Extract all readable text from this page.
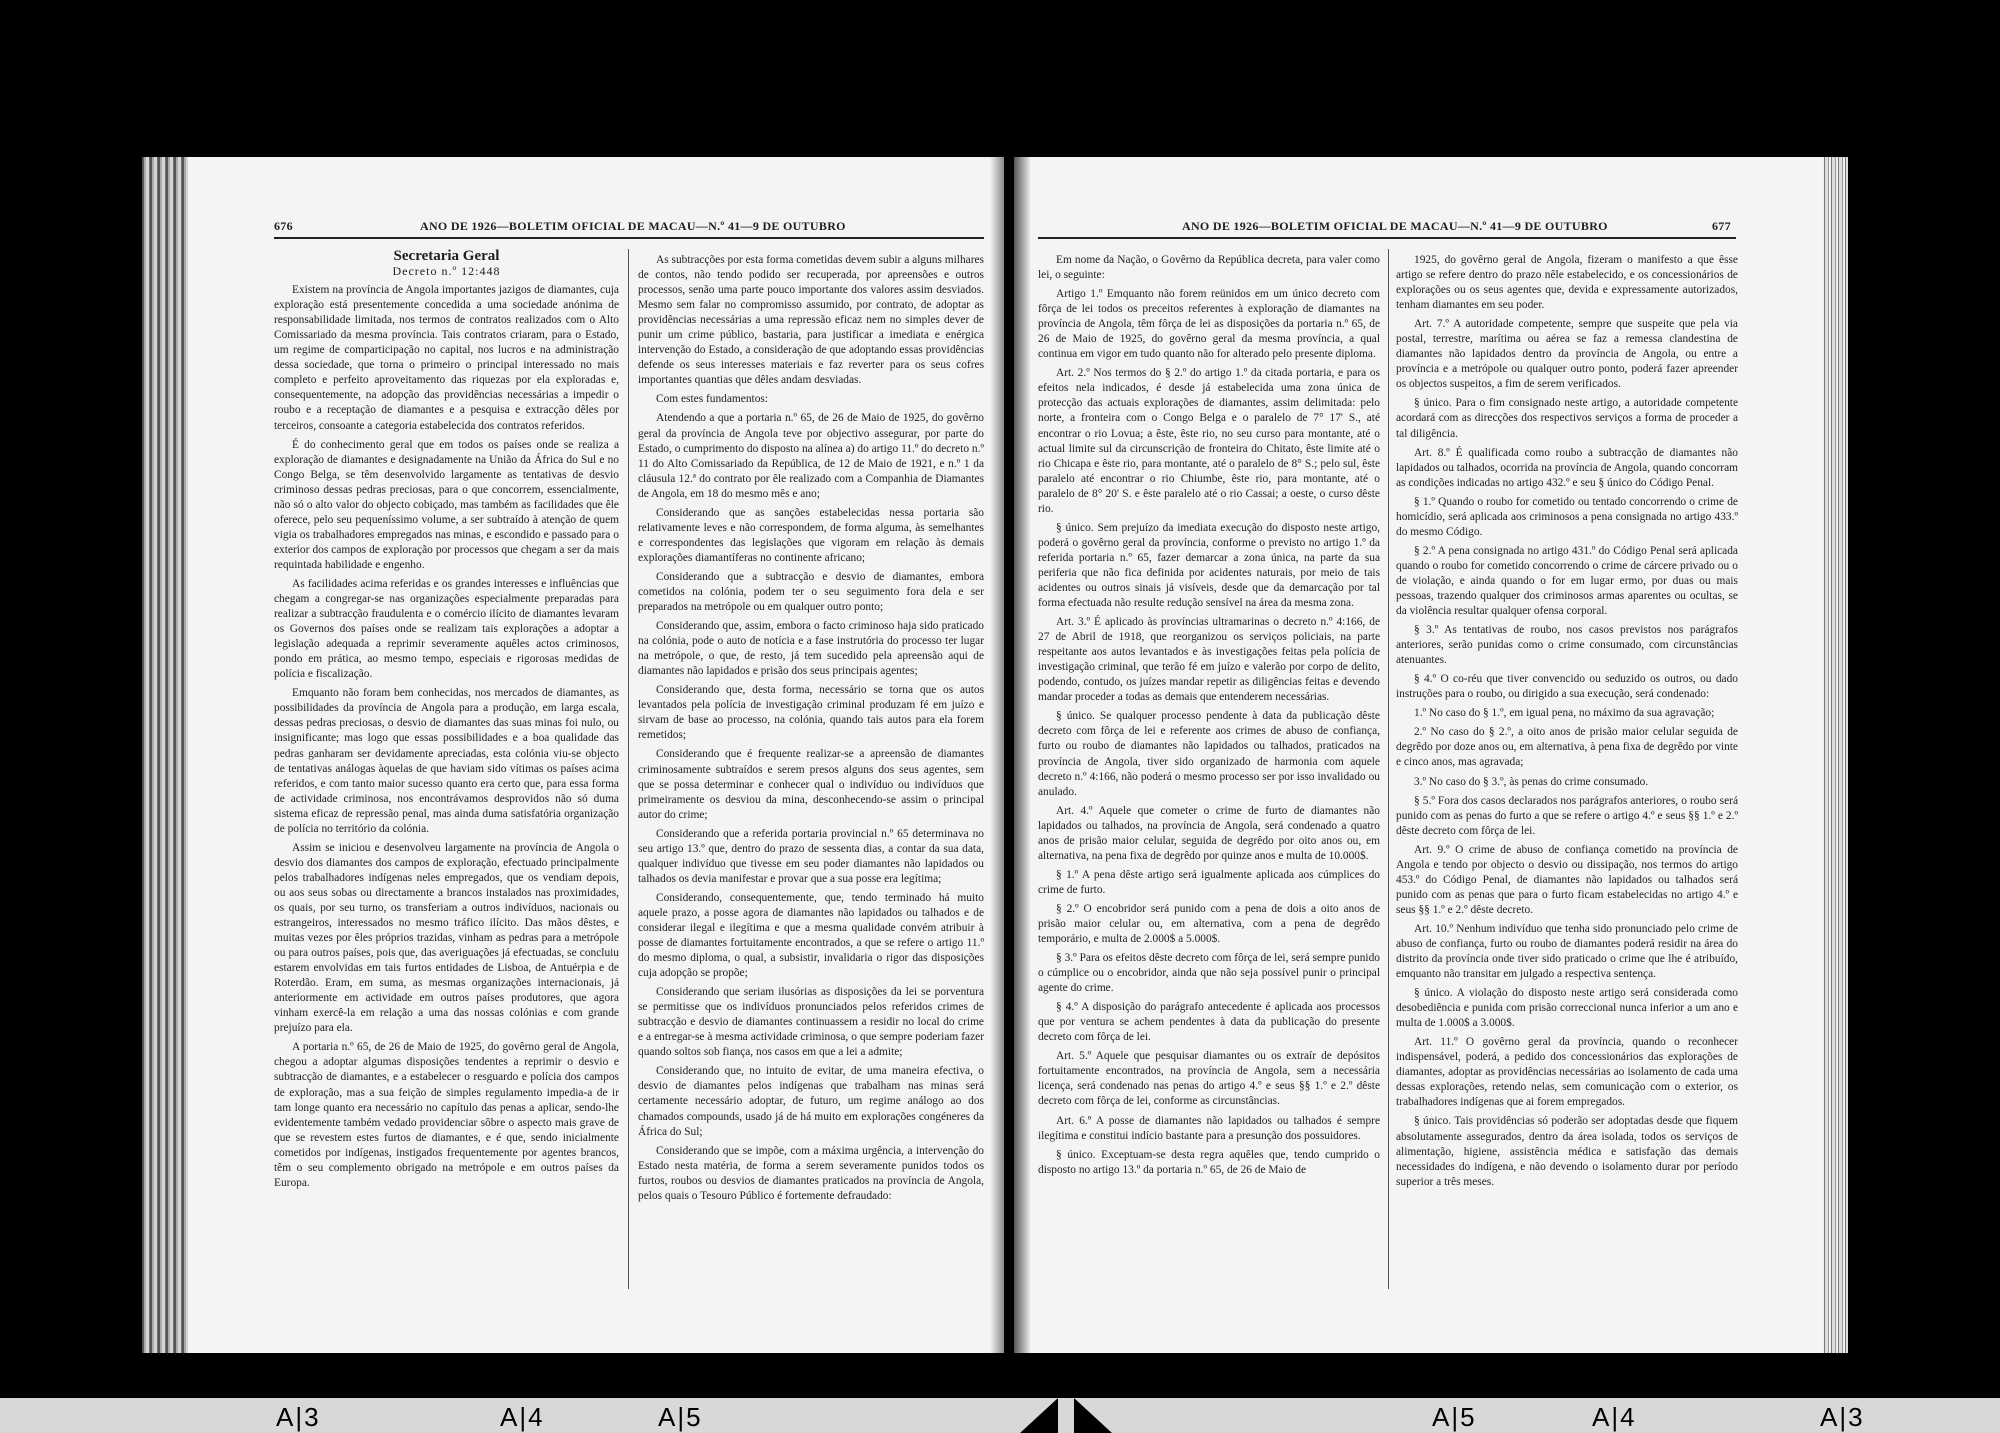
676	ANO DE 1926—BOLETIM OFICIAL DE MACAU—N.º 41—9 DE OUTUBRO

Secretaria Geral

Decreto n.º 12:448

Existem na província de Angola importantes jazigos de diamantes, cuja exploração está presentemente concedida a uma sociedade anónima de responsabilidade limitada, nos termos de contratos realizados com o Alto Comissariado da mesma província. Tais contratos criaram, para o Estado, um regime de comparticipação no capital, nos lucros e na administração dessa sociedade, que torna o primeiro o principal interessado no mais completo e perfeito aproveitamento das riquezas por ela exploradas e, consequentemente, na adopção das providências necessárias a impedir o roubo e a receptação de diamantes e a pesquisa e extracção dêles por terceiros, consoante a categoria estabelecida dos contratos referidos.

É do conhecimento geral que em todos os países onde se realiza a exploração de diamantes e designadamente na União da África do Sul e no Congo Belga, se têm desenvolvido largamente as tentativas de desvio criminoso dessas pedras preciosas, para o que concorrem, essencialmente, não só o alto valor do objecto cobiçado, mas também as facilidades que êle oferece, pelo seu pequeníssimo volume, a ser subtraído à atenção de quem vigia os trabalhadores empregados nas minas, e escondido e passado para o exterior dos campos de exploração por processos que chegam a ser da mais requintada habilidade e engenho.

As facilidades acima referidas e os grandes interesses e influências que chegam a congregar-se nas organizações especialmente preparadas para realizar a subtracção fraudulenta e o comércio ilícito de diamantes levaram os Governos dos países onde se realizam tais explorações a adoptar a legislação adequada a reprimir severamente aquêles actos criminosos, pondo em prática, ao mesmo tempo, especiais e rigorosas medidas de polícia e fiscalização.

Emquanto não foram bem conhecidas, nos mercados de diamantes, as possibilidades da província de Angola para a produção, em larga escala, dessas pedras preciosas, o desvio de diamantes das suas minas foi nulo, ou insignificante; mas logo que essas possibilidades e a boa qualidade das pedras ganharam ser devidamente apreciadas, esta colónia viu-se objecto de tentativas análogas àquelas de que haviam sido vítimas os países acima referidos, e com tanto maior sucesso quanto era certo que, para essa forma de actividade criminosa, nos encontrávamos desprovidos não só duma sistema eficaz de repressão penal, mas ainda duma satisfatória organização de polícia no território da colónia.

Assim se iniciou e desenvolveu largamente na província de Angola o desvio dos diamantes dos campos de exploração, efectuado principalmente pelos trabalhadores indígenas neles empregados, que os vendiam depois, ou aos seus sobas ou directamente a brancos instalados nas proximidades, os quais, por seu turno, os transferiam a outros indivíduos, nacionais ou estrangeiros, interessados no mesmo tráfico ilícito. Das mãos dêstes, e muitas vezes por êles próprios trazidas, vinham as pedras para a metrópole ou para outros países, pois que, das averiguações já efectuadas, se concluiu estarem envolvidas em tais furtos entidades de Lisboa, de Antuérpia e de Roterdão. Eram, em suma, as mesmas organizações internacionais, já anteriormente em actividade em outros países produtores, que agora vinham exercê-la em relação a uma das nossas colónias e com grande prejuízo para ela.

A portaria n.º 65, de 26 de Maio de 1925, do govêrno geral de Angola, chegou a adoptar algumas disposições tendentes a reprimir o desvio e subtracção de diamantes, e a estabelecer o resguardo e polícia dos campos de exploração, mas a sua feição de simples regulamento impedia-a de ir tam longe quanto era necessário no capítulo das penas a aplicar, sendo-lhe evidentemente também vedado providenciar sôbre o aspecto mais grave de que se revestem estes furtos de diamantes, e é que, sendo inicialmente cometidos por indígenas, instigados frequentemente por agentes brancos, têm o seu complemento obrigado na metrópole e em outros países da Europa.

As subtracções por esta forma cometidas devem subir a alguns milhares de contos, não tendo podido ser recuperada, por apreensões e outros processos, senão uma parte pouco importante dos valores assim desviados. Mesmo sem falar no compromisso assumido, por contrato, de adoptar as providências necessárias a uma repressão eficaz nem no simples dever de punir um crime público, bastaria, para justificar a imediata e enérgica intervenção do Estado, a consideração de que adoptando essas providências defende os seus interesses materiais e faz reverter para os seus cofres importantes quantias que dêles andam desviadas.

Com estes fundamentos:

Atendendo a que a portaria n.º 65, de 26 de Maio de 1925, do govêrno geral da província de Angola teve por objectivo assegurar, por parte do Estado, o cumprimento do disposto na alínea a) do artigo 11.º do decreto n.º 11 do Alto Comissariado da República, de 12 de Maio de 1921, e n.º 1 da cláusula 12.ª do contrato por êle realizado com a Companhia de Diamantes de Angola, em 18 do mesmo mês e ano;

Considerando que as sanções estabelecidas nessa portaria são relativamente leves e não correspondem, de forma alguma, às semelhantes e correspondentes das legislações que vigoram em relação às demais explorações diamantíferas no continente africano;

Considerando que a subtracção e desvio de diamantes, embora cometidos na colónia, podem ter o seu seguimento fora dela e ser preparados na metrópole ou em qualquer outro ponto;

Considerando que, assim, embora o facto criminoso haja sido praticado na colónia, pode o auto de notícia e a fase instrutória do processo ter lugar na metrópole, o que, de resto, já tem sucedido pela apreensão aqui de diamantes não lapidados e prisão dos seus principais agentes;

Considerando que, desta forma, necessário se torna que os autos levantados pela polícia de investigação criminal produzam fé em juízo e sirvam de base ao processo, na colónia, quando tais autos para ela forem remetidos;

Considerando que é frequente realizar-se a apreensão de diamantes criminosamente subtraídos e serem presos alguns dos seus agentes, sem que se possa determinar e conhecer qual o indivíduo ou indivíduos que primeiramente os desviou da mina, desconhecendo-se assim o principal autor do crime;

Considerando que a referida portaria provincial n.º 65 determinava no seu artigo 13.º que, dentro do prazo de sessenta dias, a contar da sua data, qualquer indivíduo que tivesse em seu poder diamantes não lapidados ou talhados os devia manifestar e provar que a sua posse era legítima;

Considerando, consequentemente, que, tendo terminado há muito aquele prazo, a posse agora de diamantes não lapidados ou talhados e de considerar ilegal e ilegítima e que a mesma qualidade convém atribuir à posse de diamantes fortuitamente encontrados, a que se refere o artigo 11.º do mesmo diploma, o qual, a subsistir, invalidaria o rigor das disposições cuja adopção se propõe;

Considerando que seriam ilusórias as disposições da lei se porventura se permitisse que os indivíduos pronunciados pelos referidos crimes de subtracção e desvio de diamantes continuassem a residir no local do crime e a entregar-se à mesma actividade criminosa, o que sempre poderiam fazer quando soltos sob fiança, nos casos em que a lei a admite;

Considerando que, no intuito de evitar, de uma maneira efectiva, o desvio de diamantes pelos indígenas que trabalham nas minas será certamente necessário adoptar, de futuro, um regime análogo ao dos chamados compounds, usado já de há muito em explorações congéneres da África do Sul;

Considerando que se impõe, com a máxima urgência, a intervenção do Estado nesta matéria, de forma a serem severamente punidos todos os furtos, roubos ou desvios de diamantes praticados na província de Angola, pelos quais o Tesouro Público é fortemente defraudado:

ANO DE 1926—BOLETIM OFICIAL DE MACAU—N.º 41—9 DE OUTUBRO	677

Em nome da Nação, o Govêrno da República decreta, para valer como lei, o seguinte:

Artigo 1.º Emquanto não forem reünidos em um único decreto com fôrça de lei todos os preceitos referentes à exploração de diamantes na província de Angola, têm fôrça de lei as disposições da portaria n.º 65, de 26 de Maio de 1925, do govêrno geral da mesma província, a qual continua em vigor em tudo quanto não for alterado pelo presente diploma.

Art. 2.º Nos termos do § 2.º do artigo 1.º da citada portaria, e para os efeitos nela indicados, é desde já estabelecida uma zona única de protecção das actuais explorações de diamantes, assim delimitada: pelo norte, a fronteira com o Congo Belga e o paralelo de 7° 17' S., até encontrar o rio Lovua; a êste, êste rio, no seu curso para montante, até o actual limite sul da circunscrição de fronteira do Chitato, êste limite até o rio Chicapa e êste rio, para montante, até o paralelo de 8° S.; pelo sul, êste paralelo até encontrar o rio Chiumbe, êste rio, para montante, até o paralelo de 8° 20' S. e êste paralelo até o rio Cassai; a oeste, o curso dêste rio.

§ único. Sem prejuízo da imediata execução do disposto neste artigo, poderá o govêrno geral da província, conforme o previsto no artigo 1.º da referida portaria n.º 65, fazer demarcar a zona única, na parte da sua periferia que não fica definida por acidentes naturais, por meio de tais acidentes ou outros sinais já visíveis, desde que da demarcação por tal forma efectuada não resulte redução sensível na área da mesma zona.

Art. 3.º É aplicado às províncias ultramarinas o decreto n.º 4:166, de 27 de Abril de 1918, que reorganizou os serviços policiais, na parte respeitante aos autos levantados e às investigações feitas pela polícia de investigação criminal, que terão fé em juízo e valerão por corpo de delito, podendo, contudo, os juízes mandar repetir as diligências feitas e devendo mandar proceder a todas as demais que entenderem necessárias.

§ único. Se qualquer processo pendente à data da publicação dêste decreto com fôrça de lei e referente aos crimes de abuso de confiança, furto ou roubo de diamantes não lapidados ou talhados, praticados na província de Angola, tiver sido organizado de harmonia com aquele decreto n.º 4:166, não poderá o mesmo processo ser por isso invalidado ou anulado.

Art. 4.º Aquele que cometer o crime de furto de diamantes não lapidados ou talhados, na província de Angola, será condenado a quatro anos de prisão maior celular, seguida de degrêdo por oito anos ou, em alternativa, na pena fixa de degrêdo por quinze anos e multa de 10.000$.

§ 1.º A pena dêste artigo será igualmente aplicada aos cúmplices do crime de furto.

§ 2.º O encobridor será punido com a pena de dois a oito anos de prisão maior celular ou, em alternativa, com a pena de degrêdo temporário, e multa de 2.000$ a 5.000$.

§ 3.º Para os efeitos dêste decreto com fôrça de lei, será sempre punido o cúmplice ou o encobridor, ainda que não seja possível punir o principal agente do crime.

§ 4.º A disposição do parágrafo antecedente é aplicada aos processos que por ventura se achem pendentes à data da publicação do presente decreto com fôrça de lei.

Art. 5.º Aquele que pesquisar diamantes ou os extraír de depósitos fortuitamente encontrados, na província de Angola, sem a necessária licença, será condenado nas penas do artigo 4.º e seus §§ 1.º e 2.º dêste decreto com fôrça de lei, conforme as circunstâncias.

Art. 6.º A posse de diamantes não lapidados ou talhados é sempre ilegítima e constitui indício bastante para a presunção dos possuidores.

§ único. Exceptuam-se desta regra aquêles que, tendo cumprido o disposto no artigo 13.º da portaria n.º 65, de 26 de Maio de

1925, do govêrno geral de Angola, fizeram o manifesto a que êsse artigo se refere dentro do prazo nêle estabelecido, e os concessionários de explorações ou os seus agentes que, devida e expressamente autorizados, tenham diamantes em seu poder.

Art. 7.º A autoridade competente, sempre que suspeite que pela via postal, terrestre, marítima ou aérea se faz a remessa clandestina de diamantes não lapidados dentro da província de Angola, ou entre a província e a metrópole ou qualquer outro ponto, poderá fazer apreender os objectos suspeitos, a fim de serem verificados.

§ único. Para o fim consignado neste artigo, a autoridade competente acordará com as direcções dos respectivos serviços a forma de proceder a tal diligência.

Art. 8.º É qualificada como roubo a subtracção de diamantes não lapidados ou talhados, ocorrida na província de Angola, quando concorram as condições indicadas no artigo 432.º e seu § único do Código Penal.

§ 1.º Quando o roubo for cometido ou tentado concorrendo o crime de homicídio, será aplicada aos criminosos a pena consignada no artigo 433.º do mesmo Código.

§ 2.º A pena consignada no artigo 431.º do Código Penal será aplicada quando o roubo for cometido concorrendo o crime de cárcere privado ou o de violação, e ainda quando o for em lugar ermo, por duas ou mais pessoas, trazendo qualquer dos criminosos armas aparentes ou ocultas, se da violência resultar qualquer ofensa corporal.

§ 3.º As tentativas de roubo, nos casos previstos nos parágrafos anteriores, serão punidas como o crime consumado, com circunstâncias atenuantes.

§ 4.º O co-réu que tiver convencido ou seduzido os outros, ou dado instruções para o roubo, ou dirigido a sua execução, será condenado:

1.º No caso do § 1.º, em igual pena, no máximo da sua agravação;

2.º No caso do § 2.º, a oito anos de prisão maior celular seguida de degrêdo por doze anos ou, em alternativa, à pena fixa de degrêdo por vinte e cinco anos, mas agravada;

3.º No caso do § 3.º, às penas do crime consumado.

§ 5.º Fora dos casos declarados nos parágrafos anteriores, o roubo será punido com as penas do furto a que se refere o artigo 4.º e seus §§ 1.º e 2.º dêste decreto com fôrça de lei.

Art. 9.º O crime de abuso de confiança cometido na província de Angola e tendo por objecto o desvio ou dissipação, nos termos do artigo 453.º do Código Penal, de diamantes não lapidados ou talhados será punido com as penas que para o furto ficam estabelecidas no artigo 4.º e seus §§ 1.º e 2.º dêste decreto.

Art. 10.º Nenhum indivíduo que tenha sido pronunciado pelo crime de abuso de confiança, furto ou roubo de diamantes poderá residir na área do distrito da província onde tiver sido praticado o crime que lhe é atribuído, emquanto não transitar em julgado a respectiva sentença.

§ único. A violação do disposto neste artigo será considerada como desobediência e punida com prisão correccional nunca inferior a um ano e multa de 1.000$ a 3.000$.

Art. 11.º O govêrno geral da província, quando o reconhecer indispensável, poderá, a pedido dos concessionários das explorações de diamantes, adoptar as providências necessárias ao isolamento de cada uma dessas explorações, retendo nelas, sem comunicação com o exterior, os trabalhadores indígenas que ai forem empregados.

§ único. Tais providências só poderão ser adoptadas desde que fiquem absolutamente assegurados, dentro da área isolada, todos os serviços de alimentação, higiene, assistência médica e satisfação das demais necessidades do indígena, e não devendo o isolamento durar por período superior a três meses.

A|3	A|4	A|5	A|5	A|4	A|3
